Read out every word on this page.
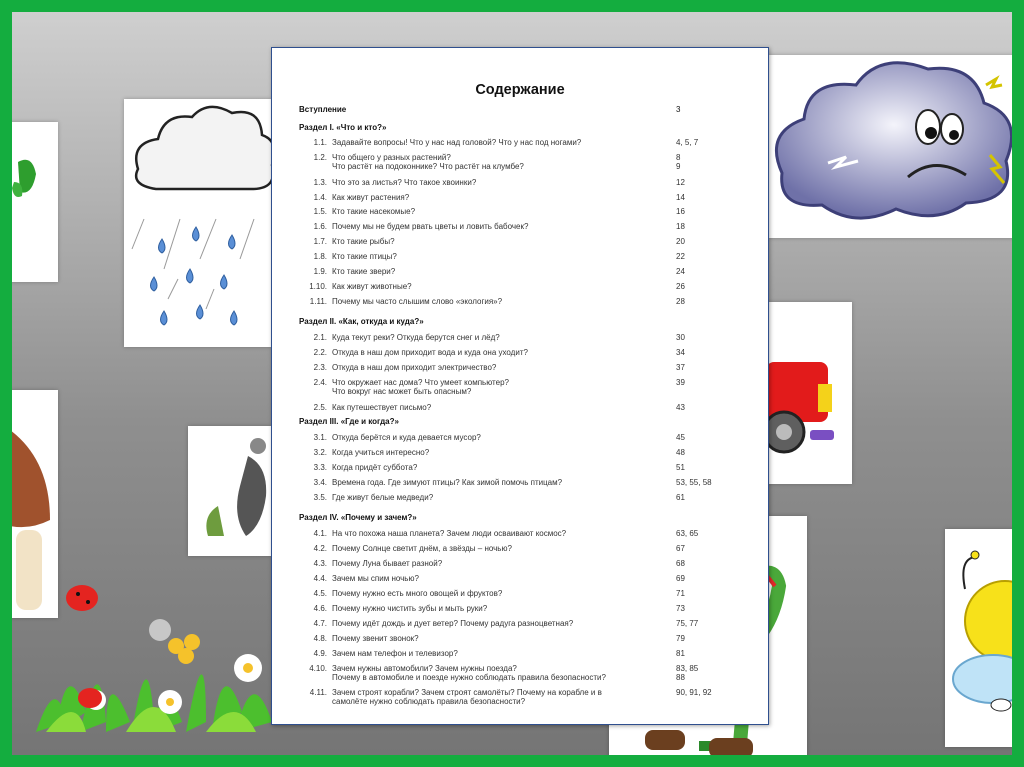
Содержание
Вступление	3
Раздел I. «Что и кто?»
1.1. Задавайте вопросы! Что у нас над головой? Что у нас под ногами?	4, 5, 7
1.2. Что общего у разных растений?	8
Что растёт на подоконнике? Что растёт на клумбе?	9
1.3. Что это за листья? Что такое хвоинки?	12
1.4. Как живут растения?	14
1.5. Кто такие насекомые?	16
1.6. Почему мы не будем рвать цветы и ловить бабочек?	18
1.7. Кто такие рыбы?	20
1.8. Кто такие птицы?	22
1.9. Кто такие звери?	24
1.10. Как живут животные?	26
1.11. Почему мы часто слышим слово «экология»?	28
Раздел II. «Как, откуда и куда?»
2.1. Куда текут реки? Откуда берутся снег и лёд?	30
2.2. Откуда в наш дом приходит вода и куда она уходит?	34
2.3. Откуда в наш дом приходит электричество?	37
2.4. Что окружает нас дома? Что умеет компьютер?	39
Что вокруг нас может быть опасным?
2.5. Как путешествует письмо?	43
Раздел III. «Где и когда?»
3.1. Откуда берётся и куда девается мусор?	45
3.2. Когда учиться интересно?	48
3.3. Когда придёт суббота?	51
3.4. Времена года. Где зимуют птицы? Как зимой помочь птицам?	53, 55, 58
3.5. Где живут белые медведи?	61
Раздел IV. «Почему и зачем?»
4.1. На что похожа наша планета? Зачем люди осваивают космос?	63, 65
4.2. Почему Солнце светит днём, а звёзды – ночью?	67
4.3. Почему Луна бывает разной?	68
4.4. Зачем мы спим ночью?	69
4.5. Почему нужно есть много овощей и фруктов?	71
4.6. Почему нужно чистить зубы и мыть руки?	73
4.7. Почему идёт дождь и дует ветер? Почему радуга разноцветная?	75, 77
4.8. Почему звенит звонок?	79
4.9. Зачем нам телефон и телевизор?	81
4.10. Зачем нужны автомобили? Зачем нужны поезда?	83, 85
Почему в автомобиле и поезде нужно соблюдать правила безопасности?	88
4.11. Зачем строят корабли? Зачем строят самолёты? Почему на корабле и в	90, 91, 92
самолёте нужно соблюдать правила безопасности?
